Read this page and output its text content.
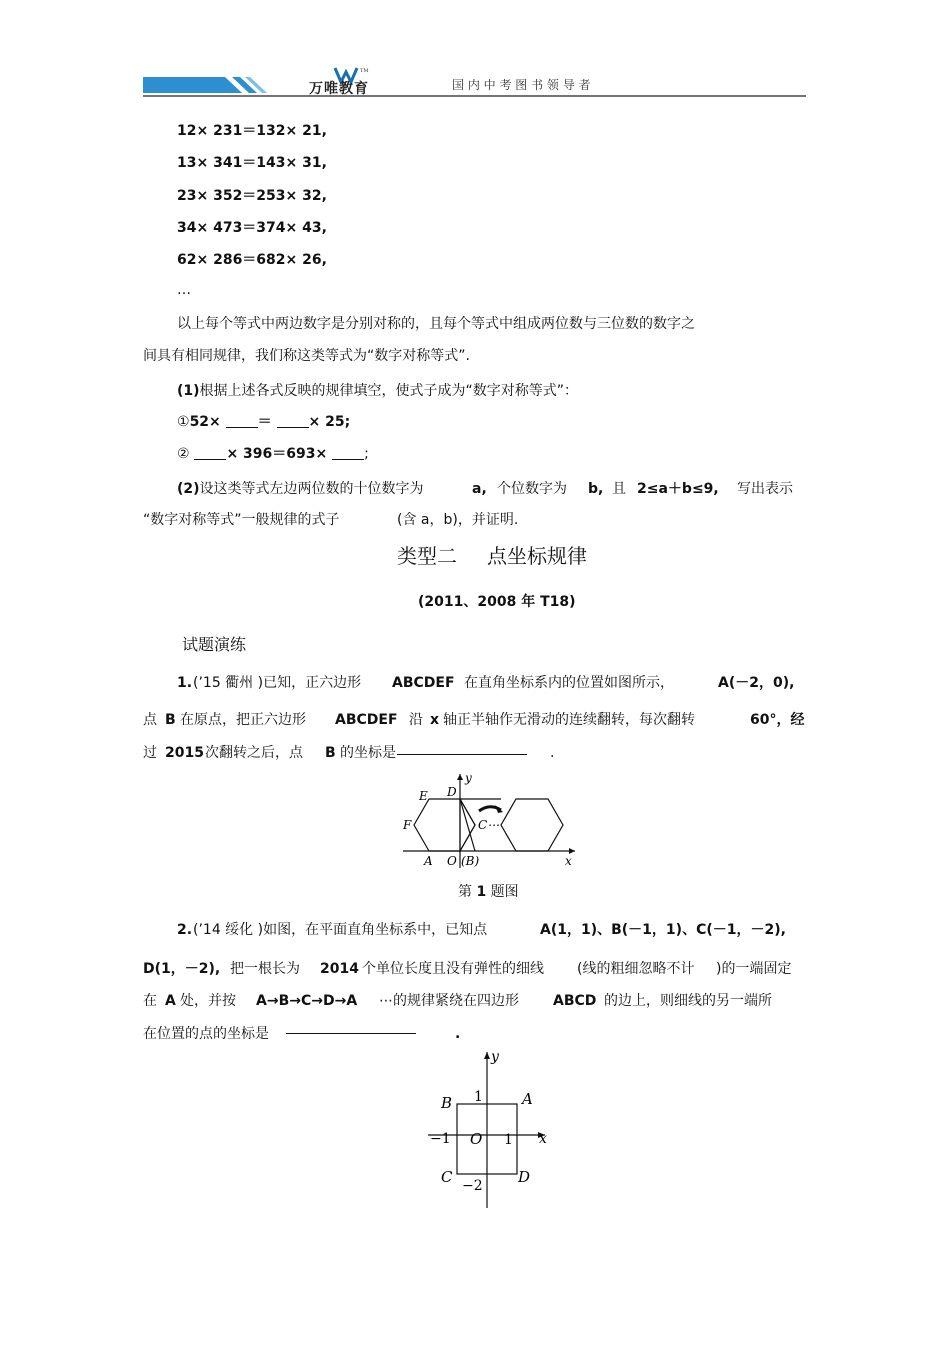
TM
万唯教育	国 内 中 考 图 书 领 导 者
12× 231＝132× 21,
13× 341＝143× 31,
23× 352＝253× 32,
34× 473＝374× 43,
62× 286＝682× 26,
…
以上每个等式中两边数字是分别对称的，且每个等式中组成两位数与三位数的数字之
间具有相同规律，我们称这类等式为“数字对称等式”.
(1)根据上述各式反映的规律填空，使式子成为“数字对称等式”：
①52×	＝	× 25;
②	× 396＝693×	;
(2)设这类等式左边两位数的十位数字为	a, 个位数字为 b, 且 2≤a＋b≤9, 写出表示
“数字对称等式”一般规律的式子	(含 a，b)，并证明.
类型二 点坐标规律
(2011、2008 年 T18)
试题演练
1. (’15 衢州 )已知，正六边形 ABCDEF 在直角坐标系内的位置如图所示，	A(－2，0),
点 B 在原点，把正六边形 ABCDEF 沿 x 轴正半轴作无滑动的连续翻转，每次翻转	60°，经
过 2015 次翻转之后，点 B 的坐标是	.
E D
y
F	C⋯
A O (B)	x
第 1 题图
2. (’14 绥化 )如图，在平面直角坐标系中，已知点	A(1，1)、B(－1，1)、C(－1，－2),
D(1，－2), 把一根长为 2014 个单位长度且没有弹性的细线 (线的粗细忽略不计 )的一端固定
在 A 处，并按 A→B→C→D→A ⋯的规律紧绕在四边形 ABCD 的边上，则细线的另一端所
在位置的点的坐标是	.
y
1
B	A
−1 O 1 x
C	D
−2
